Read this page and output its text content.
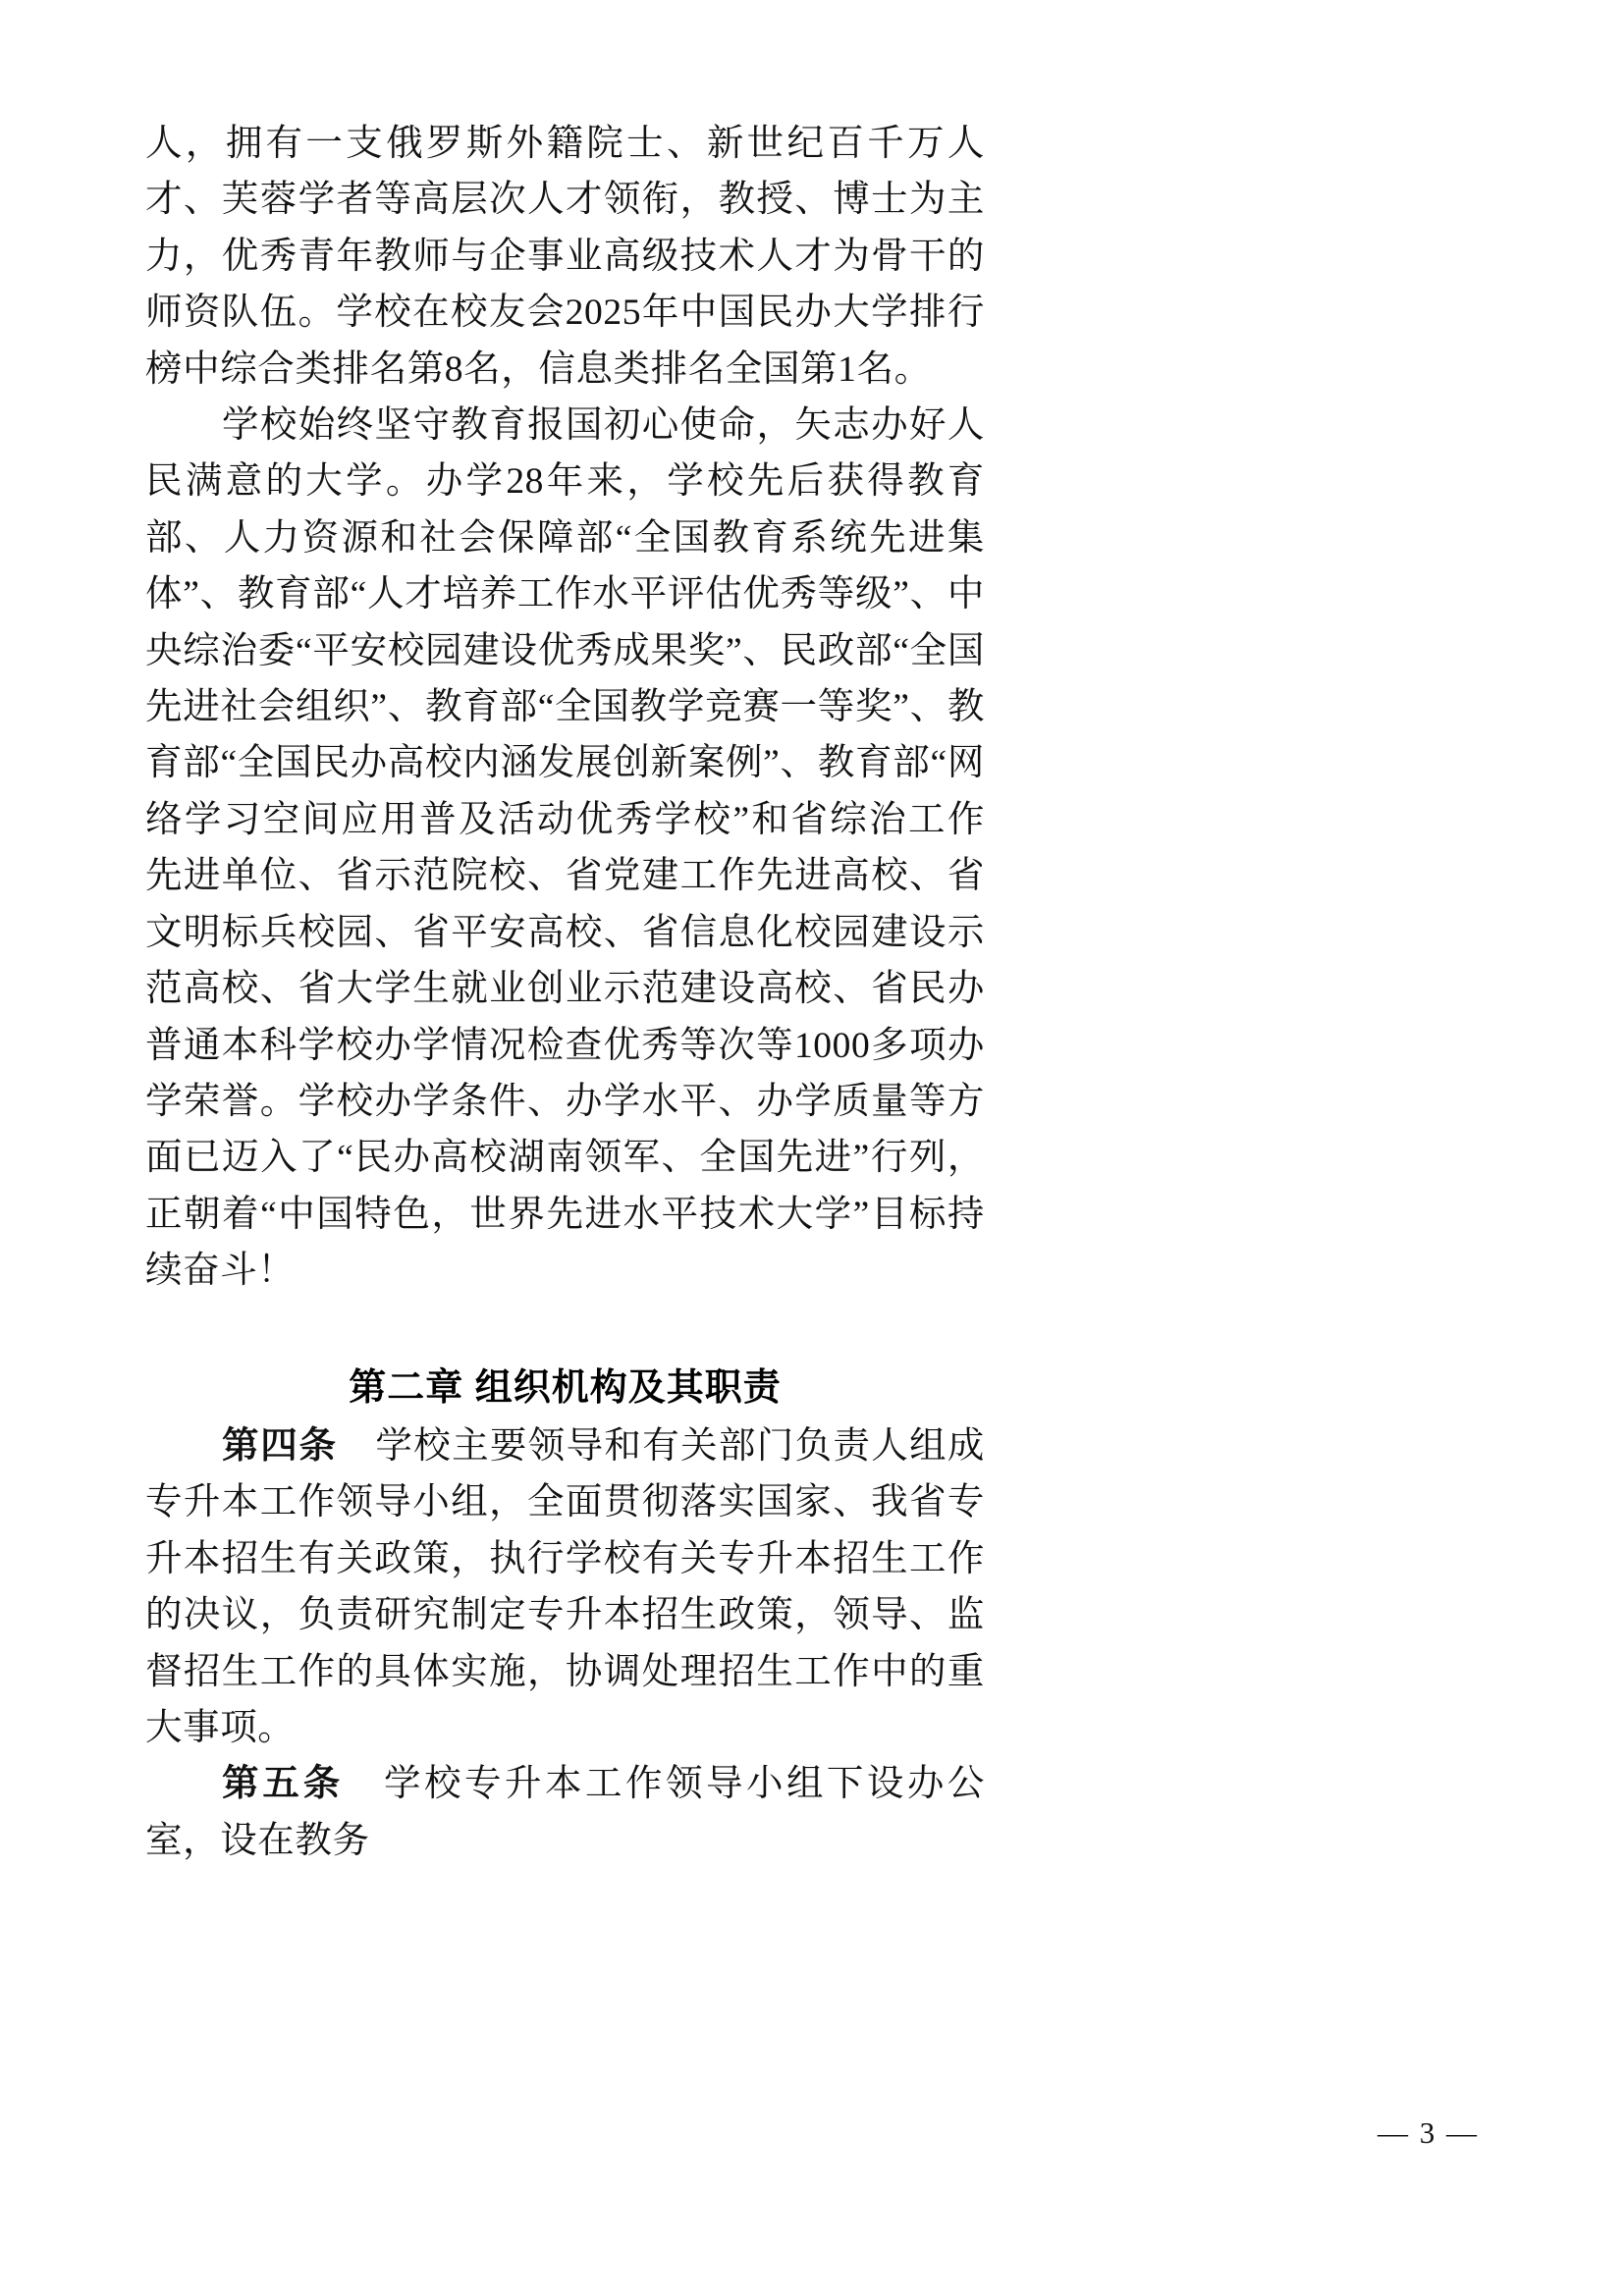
人，拥有一支俄罗斯外籍院士、新世纪百千万人才、芙蓉学者等高层次人才领衔，教授、博士为主力，优秀青年教师与企事业高级技术人才为骨干的师资队伍。学校在校友会2025年中国民办大学排行榜中综合类排名第8名，信息类排名全国第1名。

学校始终坚守教育报国初心使命，矢志办好人民满意的大学。办学28年来，学校先后获得教育部、人力资源和社会保障部“全国教育系统先进集体”、教育部“人才培养工作水平评估优秀等级”、中央综治委“平安校园建设优秀成果奖”、民政部“全国先进社会组织”、教育部“全国教学竞赛一等奖”、教育部“全国民办高校内涵发展创新案例”、教育部“网络学习空间应用普及活动优秀学校”和省综治工作先进单位、省示范院校、省党建工作先进高校、省文明标兵校园、省平安高校、省信息化校园建设示范高校、省大学生就业创业示范建设高校、省民办普通本科学校办学情况检查优秀等次等1000多项办学荣誉。学校办学条件、办学水平、办学质量等方面已迈入了“民办高校湖南领军、全国先进”行列，正朝着“中国特色，世界先进水平技术大学”目标持续奋斗！

第二章 组织机构及其职责

第四条 学校主要领导和有关部门负责人组成专升本工作领导小组，全面贯彻落实国家、我省专升本招生有关政策，执行学校有关专升本招生工作的决议，负责研究制定专升本招生政策，领导、监督招生工作的具体实施，协调处理招生工作中的重大事项。

第五条 学校专升本工作领导小组下设办公室，设在教务

— 3 —
